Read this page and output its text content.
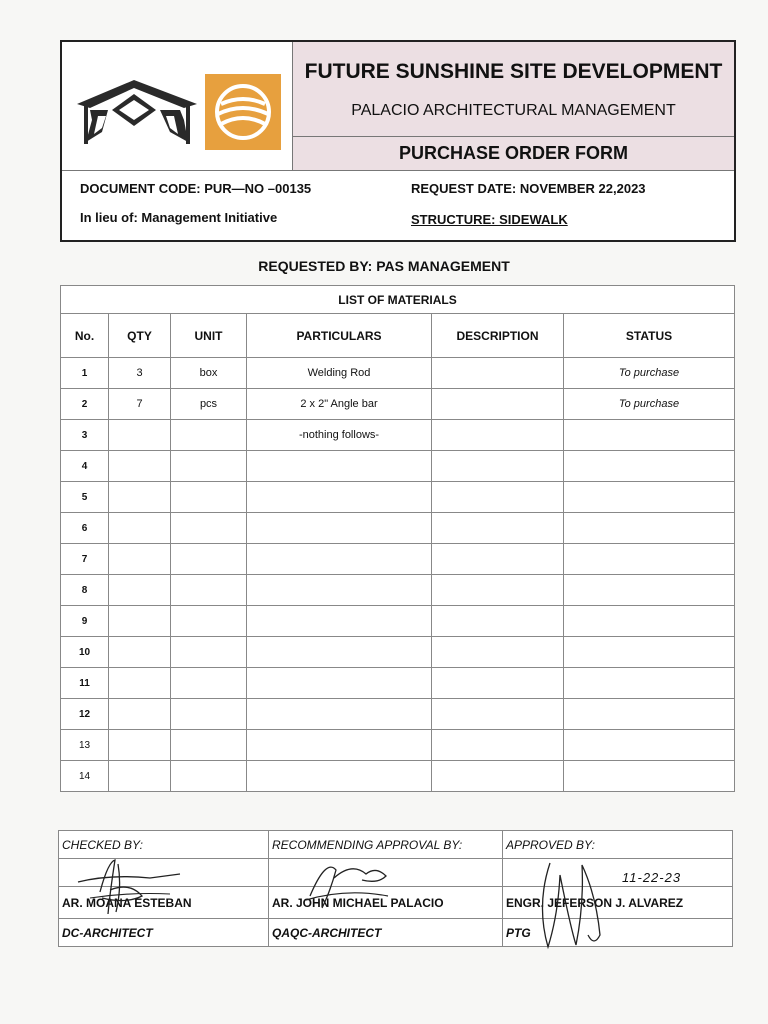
FUTURE SUNSHINE SITE DEVELOPMENT
PALACIO ARCHITECTURAL MANAGEMENT
PURCHASE ORDER FORM
DOCUMENT CODE: PUR—NO –00135	REQUEST DATE: NOVEMBER 22,2023
In lieu of: Management Initiative	STRUCTURE: SIDEWALK
REQUESTED BY: PAS MANAGEMENT
LIST OF MATERIALS					
No.	QTY	UNIT	PARTICULARS	DESCRIPTION	STATUS
1	3	box	Welding Rod		To purchase
2	7	pcs	2 x 2" Angle bar		To purchase
3			-nothing follows-		
4					
5					
6					
7					
8					
9					
10					
11					
12					
13					
14					
CHECKED BY:	RECOMMENDING APPROVAL BY:	APPROVED BY:

AR. MOANA ESTEBAN	AR. JOHN MICHAEL PALACIO	ENGR. JEFERSON J. ALVAREZ
DC-ARCHITECT	QAQC-ARCHITECT	PTG
11-22-23
